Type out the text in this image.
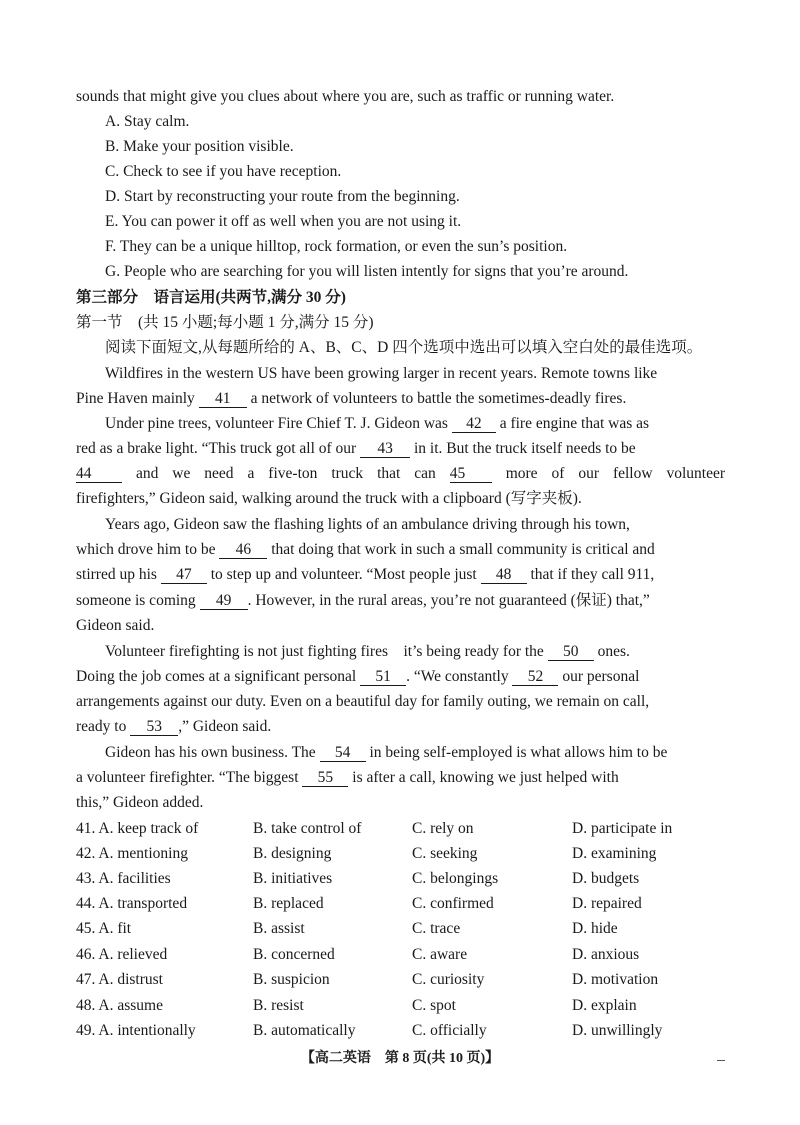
sounds that might give you clues about where you are, such as traffic or running water.
A. Stay calm.
B. Make your position visible.
C. Check to see if you have reception.
D. Start by reconstructing your route from the beginning.
E. You can power it off as well when you are not using it.
F. They can be a unique hilltop, rock formation, or even the sun’s position.
G. People who are searching for you will listen intently for signs that you’re around.
第三部分　语言运用(共两节,满分 30 分)
第一节　(共 15 小题;每小题 1 分,满分 15 分)
阅读下面短文,从每题所给的 A、B、C、D 四个选项中选出可以填入空白处的最佳选项。
Wildfires in the western US have been growing larger in recent years. Remote towns like
Pine Haven mainly 41 a network of volunteers to battle the sometimes-deadly fires.
Under pine trees, volunteer Fire Chief T. J. Gideon was 42 a fire engine that was as
red as a brake light. “This truck got all of our 43 in it. But the truck itself needs to be
44	and we need a five-ton truck that can 45	more of our fellow volunteer
firefighters,” Gideon said, walking around the truck with a clipboard (写字夹板).
Years ago, Gideon saw the flashing lights of an ambulance driving through his town,
which drove him to be 46 that doing that work in such a small community is critical and
stirred up his 47 to step up and volunteer. “Most people just 48 that if they call 911,
someone is coming 49 . However, in the rural areas, you’re not guaranteed (保证) that,”
Gideon said.
Volunteer firefighting is not just fighting fires　it’s being ready for the 50 ones.
Doing the job comes at a significant personal 51 . “We constantly 52 our personal
arrangements against our duty. Even on a beautiful day for family outing, we remain on call,
ready to 53 ,” Gideon said.
Gideon has his own business. The 54 in being self-employed is what allows him to be
a volunteer firefighter. “The biggest 55 is after a call, knowing we just helped with
this,” Gideon added.
41. A. keep track of	B. take control of	C. rely on	D. participate in
42. A. mentioning	B. designing	C. seeking	D. examining
43. A. facilities	B. initiatives	C. belongings	D. budgets
44. A. transported	B. replaced	C. confirmed	D. repaired
45. A. fit	B. assist	C. trace	D. hide
46. A. relieved	B. concerned	C. aware	D. anxious
47. A. distrust	B. suspicion	C. curiosity	D. motivation
48. A. assume	B. resist	C. spot	D. explain
49. A. intentionally	B. automatically	C. officially	D. unwillingly
【高二英语　第 8 页(共 10 页)】
